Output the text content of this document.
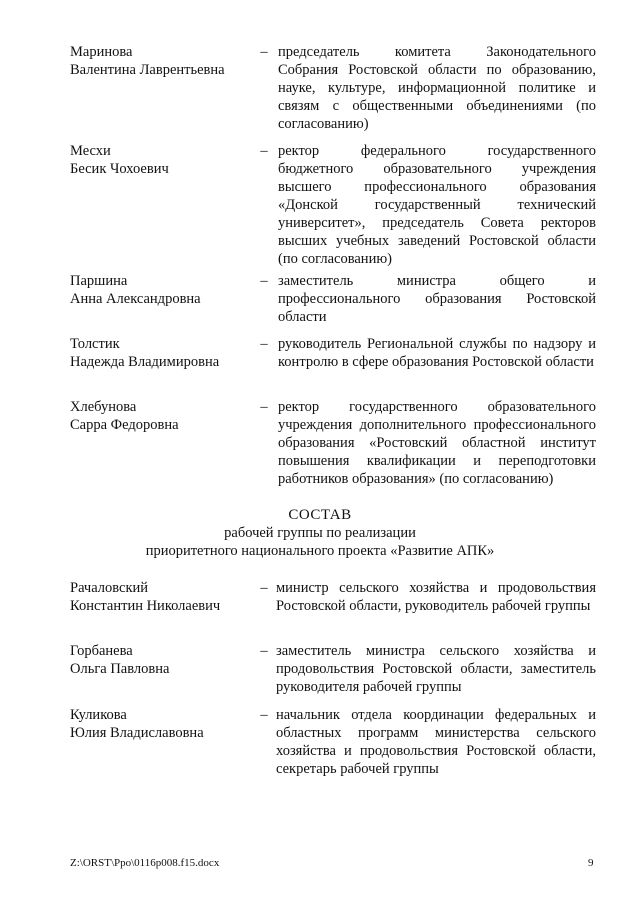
Маринова
Валентина Лаврентьевна
– председатель комитета Законодательного Собрания Ростовской области по образованию, науке, культуре, информационной политике и связям с общественными объединениями (по согласованию)
Месхи
Бесик Чохоевич
– ректор федерального государственного бюджетного образовательного учреждения высшего профессионального образования «Донской государственный технический университет», председатель Совета ректоров высших учебных заведений Ростовской области (по согласованию)
Паршина
Анна Александровна
– заместитель министра общего и профессионального образования Ростовской области
Толстик
Надежда Владимировна
– руководитель Региональной службы по надзору и контролю в сфере образования Ростовской области
Хлебунова
Сарра Федоровна
– ректор государственного образовательного учреждения дополнительного профессионального образования «Ростовский областной институт повышения квалификации и переподготовки работников образования» (по согласованию)
СОСТАВ
рабочей группы по реализации
приоритетного национального проекта «Развитие АПК»
Рачаловский
Константин Николаевич
– министр сельского хозяйства и продовольствия Ростовской области, руководитель рабочей группы
Горбанева
Ольга Павловна
– заместитель министра сельского хозяйства и продовольствия Ростовской области, заместитель руководителя рабочей группы
Куликова
Юлия Владиславовна
– начальник отдела координации федеральных и областных программ министерства сельского хозяйства и продовольствия Ростовской области, секретарь рабочей группы
Z:\ORST\Ppo\0116p008.f15.docx	9
